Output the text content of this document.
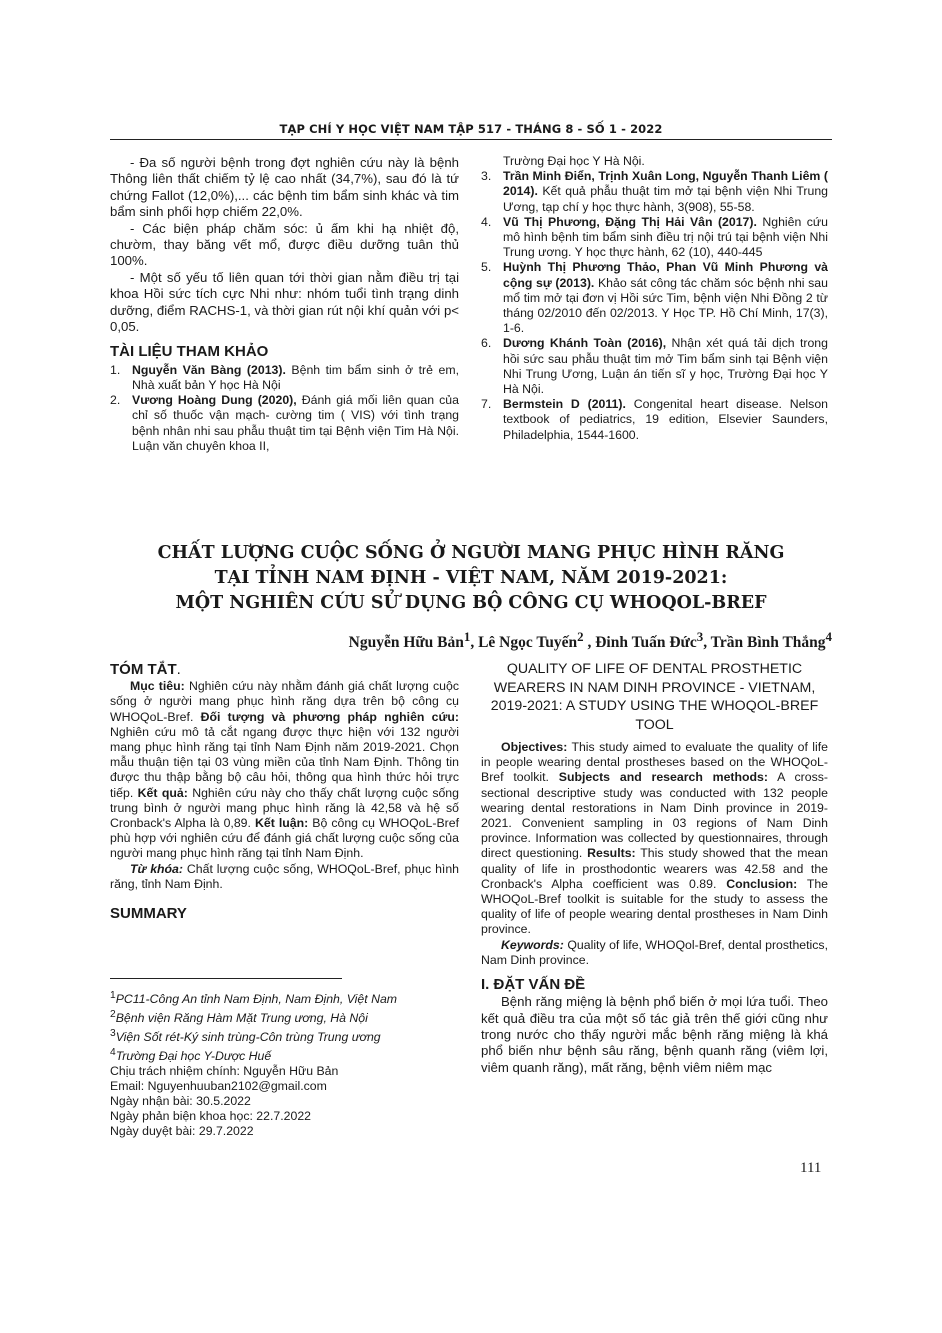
TẠP CHÍ Y HỌC VIỆT NAM TẬP 517 - THÁNG 8 - SỐ 1 - 2022

- Đa số người bệnh trong đợt nghiên cứu này là bệnh Thông liên thất chiếm tỷ lệ cao nhất (34,7%), sau đó là tứ chứng Fallot (12,0%),... các bệnh tim bẩm sinh khác và tim bẩm sinh phối hợp chiếm 22,0%.

- Các biện pháp chăm sóc: ủ ấm khi hạ nhiệt độ, chườm, thay băng vết mổ, được điều dưỡng tuân thủ 100%.

- Một số yếu tố liên quan tới thời gian nằm điều trị tại khoa Hồi sức tích cực Nhi như: nhóm tuổi tình trạng dinh dưỡng, điểm RACHS-1, và thời gian rút nội khí quản với p< 0,05.

TÀI LIỆU THAM KHẢO

1. Nguyễn Văn Bàng (2013). Bệnh tim bẩm sinh ở trẻ em, Nhà xuất bản Y học Hà Nội
2. Vương Hoàng Dung (2020), Đánh giá mối liên quan của chỉ số thuốc vận mạch- cường tim ( VIS) với tình trạng bệnh nhân nhi sau phẫu thuật tim tại Bệnh viện Tim Hà Nội. Luận văn chuyên khoa II,

Trường Đại học Y Hà Nội.

3. Trần Minh Điển, Trịnh Xuân Long, Nguyễn Thanh Liêm ( 2014). Kết quả phẫu thuật tim mở tại bệnh viện Nhi Trung Ương, tạp chí y học thực hành, 3(908), 55-58.
4. Vũ Thị Phương, Đặng Thị Hải Vân (2017). Nghiên cứu mô hình bệnh tim bẩm sinh điều trị nội trú tại bệnh viện Nhi Trung ương. Y học thực hành, 62 (10), 440-445
5. Huỳnh Thị Phương Thảo, Phan Vũ Minh Phương và cộng sự (2013). Khảo sát công tác chăm sóc bệnh nhi sau mổ tim mở tại đơn vị Hồi sức Tim, bệnh viện Nhi Đồng 2 từ tháng 02/2010 đến 02/2013. Y Học TP. Hồ Chí Minh, 17(3), 1-6.
6. Dương Khánh Toàn (2016), Nhận xét quá tải dịch trong hồi sức sau phẫu thuật tim mở Tim bẩm sinh tại Bệnh viện Nhi Trung Ương, Luận án tiến sĩ y học, Trường Đại học Y Hà Nội.
7. Bermstein D (2011). Congenital heart disease. Nelson textbook of pediatrics, 19 edition, Elsevier Saunders, Philadelphia, 1544-1600.
CHẤT LƯỢNG CUỘC SỐNG Ở NGƯỜI MANG PHỤC HÌNH RĂNG
TẠI TỈNH NAM ĐỊNH - VIỆT NAM, NĂM 2019-2021:
MỘT NGHIÊN CỨU SỬ DỤNG BỘ CÔNG CỤ WHOQOL-BREF
Nguyễn Hữu Bản$^1$, Lê Ngọc Tuyến$^2$ , Đinh Tuấn Đức$^3$, Trần Bình Thắng$^4$

TÓM TẮT.

Mục tiêu: Nghiên cứu này nhằm đánh giá chất lượng cuộc sống ở người mang phục hình răng dựa trên bộ công cụ WHOQoL-Bref. Đối tượng và phương pháp nghiên cứu: Nghiên cứu mô tả cắt ngang được thực hiện với 132 người mang phục hình răng tại tỉnh Nam Định năm 2019-2021. Chọn mẫu thuận tiện tại 03 vùng miền của tỉnh Nam Định. Thông tin được thu thập bằng bộ câu hỏi, thông qua hình thức hỏi trực tiếp. Kết quả: Nghiên cứu này cho thấy chất lượng cuộc sống trung bình ở người mang phục hình răng là 42,58 và hệ số Cronback's Alpha là 0,89. Kết luận: Bộ công cụ WHOQoL-Bref phù hợp với nghiên cứu để đánh giá chất lượng cuộc sống của người mang phục hình răng tại tỉnh Nam Định.

Từ khóa: Chất lượng cuộc sống, WHOQoL-Bref, phục hình răng, tỉnh Nam Định.

SUMMARY

QUALITY OF LIFE OF DENTAL PROSTHETIC WEARERS IN NAM DINH PROVINCE - VIETNAM, 2019-2021: A STUDY USING THE WHOQOL-BREF TOOL

Objectives: This study aimed to evaluate the quality of life in people wearing dental prostheses based on the WHOQoL-Bref toolkit. Subjects and research methods: A cross-sectional descriptive study was conducted with 132 people wearing dental restorations in Nam Dinh province in 2019-2021. Convenient sampling in 03 regions of Nam Dinh province. Information was collected by questionnaires, through direct questioning. Results: This study showed that the mean quality of life in prosthodontic wearers was 42.58 and the Cronback's Alpha coefficient was 0.89. Conclusion: The WHOQoL-Bref toolkit is suitable for the study to assess the quality of life of people wearing dental prostheses in Nam Dinh province.

Keywords: Quality of life, WHOQol-Bref, dental prosthetics, Nam Dinh province.

I. ĐẶT VẤN ĐỀ

Bệnh răng miệng là bệnh phổ biến ở mọi lứa tuổi. Theo kết quả điều tra của một số tác giả trên thế giới cũng như trong nước cho thấy người mắc bệnh răng miệng là khá phổ biến như bệnh sâu răng, bệnh quanh răng (viêm lợi, viêm quanh răng), mất răng, bệnh viêm niêm mạc

$^1$PC11-Công An tỉnh Nam Định, Nam Định, Việt Nam

$^2$Bệnh viện Răng Hàm Mặt Trung ương, Hà Nội

$^3$Viện Sốt rét-Ký sinh trùng-Côn trùng Trung ương

$^4$Trường Đại học Y-Dược Huế

Chịu trách nhiệm chính: Nguyễn Hữu Bản

Email: Nguyenhuuban2102@gmail.com

Ngày nhận bài: 30.5.2022

Ngày phản biện khoa học: 22.7.2022

Ngày duyệt bài: 29.7.2022

111
